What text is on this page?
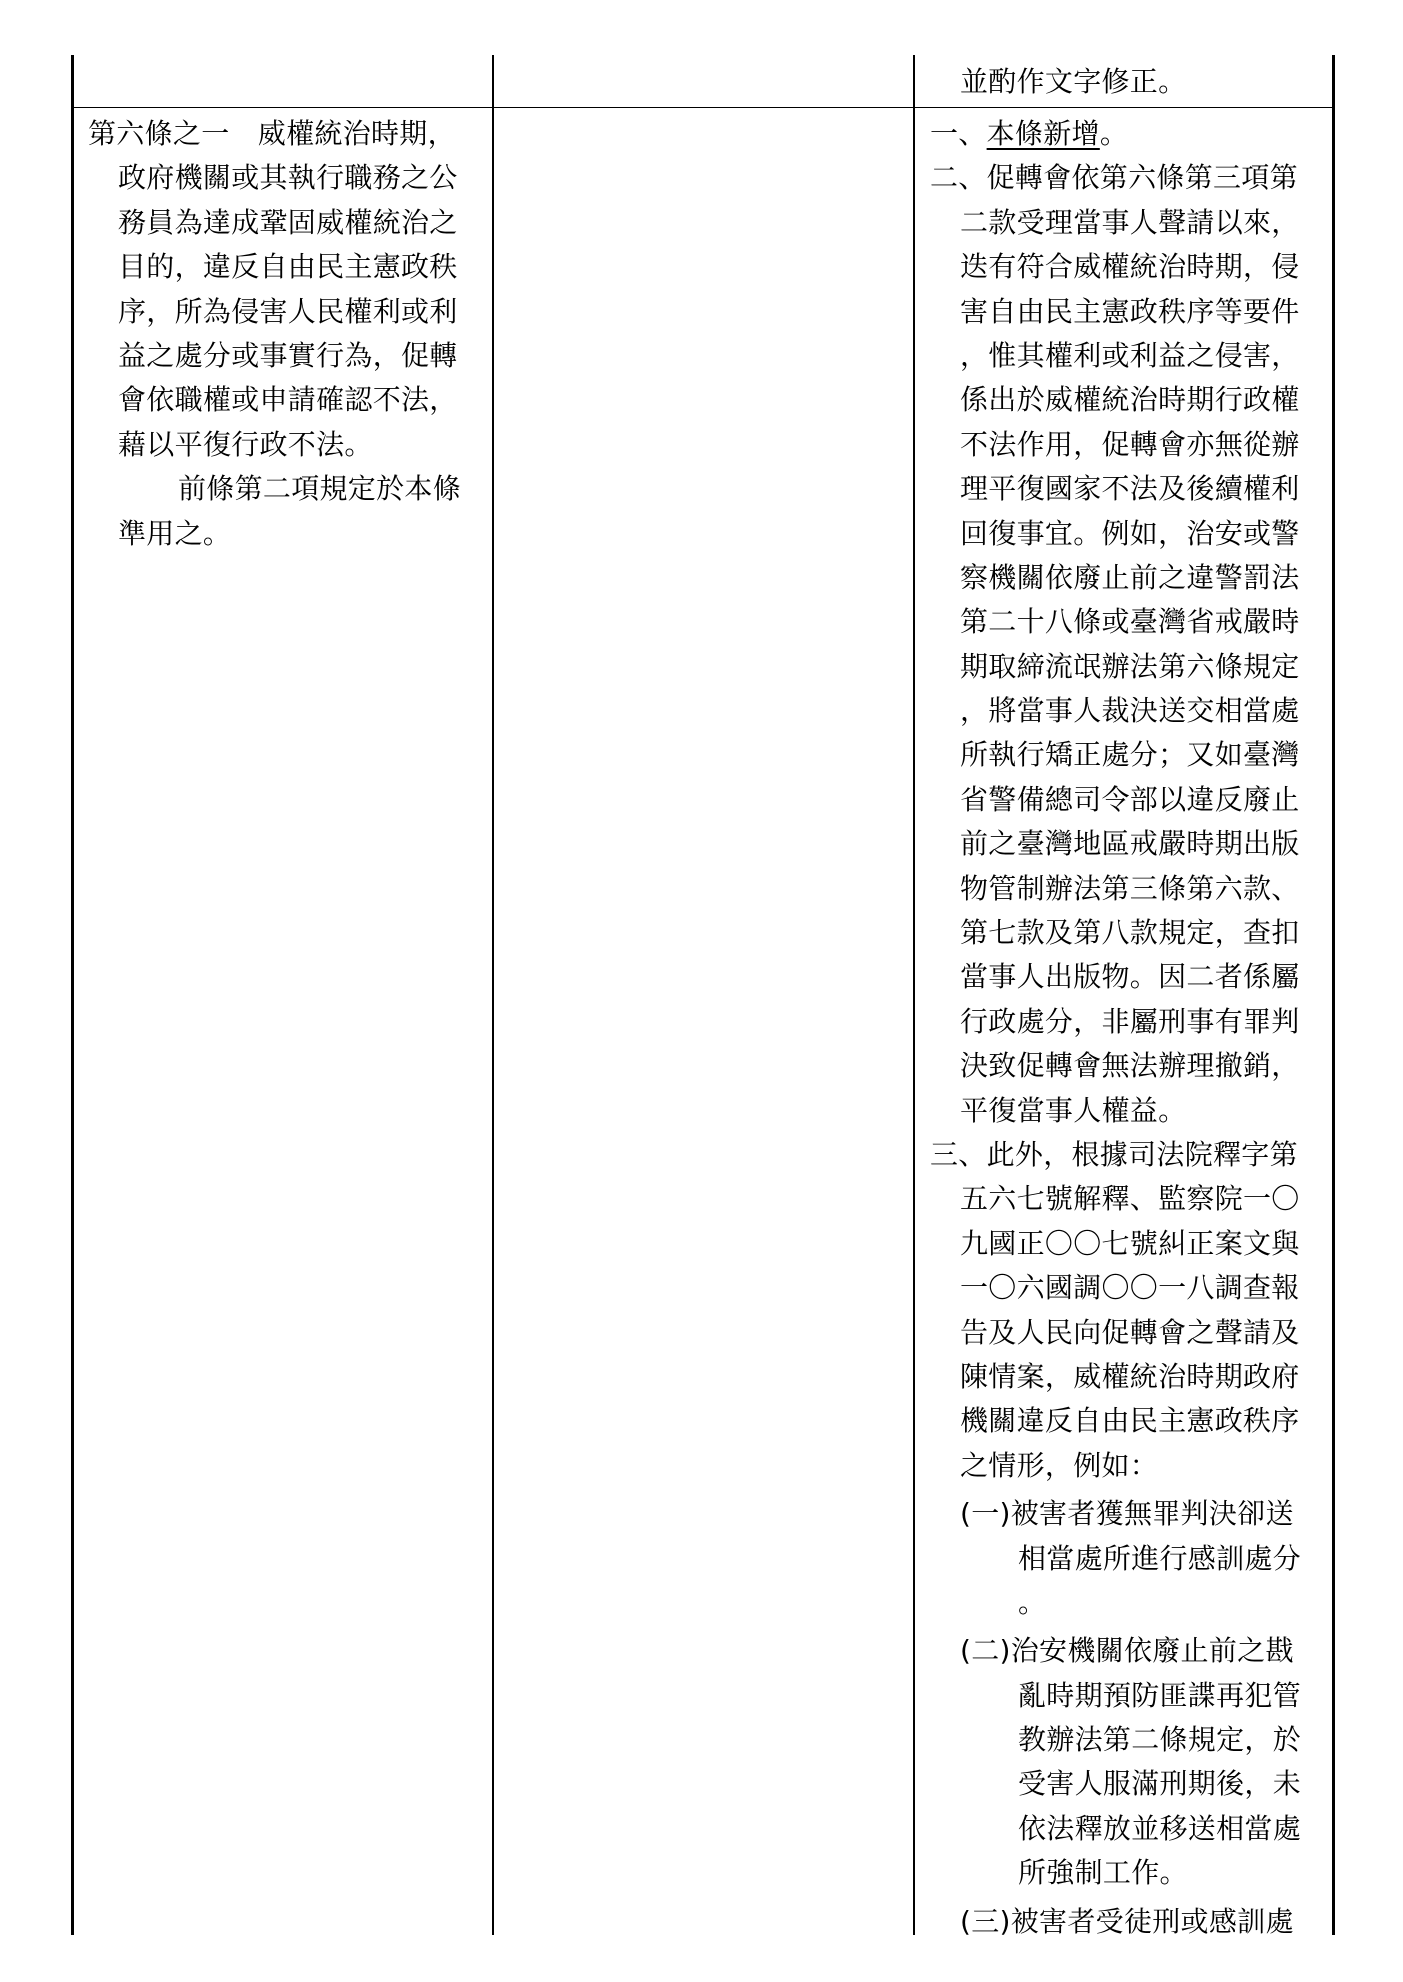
並酌作文字修正。
第六條之一　威權統治時期，
政府機關或其執行職務之公
務員為達成鞏固威權統治之
目的，違反自由民主憲政秩
序，所為侵害人民權利或利
益之處分或事實行為，促轉
會依職權或申請確認不法，
藉以平復行政不法。
前條第二項規定於本條
準用之。
一、本條新增。
二、促轉會依第六條第三項第
二款受理當事人聲請以來，
迭有符合威權統治時期，侵
害自由民主憲政秩序等要件
，惟其權利或利益之侵害，
係出於威權統治時期行政權
不法作用，促轉會亦無從辦
理平復國家不法及後續權利
回復事宜。例如，治安或警
察機關依廢止前之違警罰法
第二十八條或臺灣省戒嚴時
期取締流氓辦法第六條規定
，將當事人裁決送交相當處
所執行矯正處分；又如臺灣
省警備總司令部以違反廢止
前之臺灣地區戒嚴時期出版
物管制辦法第三條第六款、
第七款及第八款規定，查扣
當事人出版物。因二者係屬
行政處分，非屬刑事有罪判
決致促轉會無法辦理撤銷，
平復當事人權益。
三、此外，根據司法院釋字第
五六七號解釋、監察院一〇
九國正〇〇七號糾正案文與
一〇六國調〇〇一八調查報
告及人民向促轉會之聲請及
陳情案，威權統治時期政府
機關違反自由民主憲政秩序
之情形，例如：
(一)被害者獲無罪判決卻送
相當處所進行感訓處分
。
(二)治安機關依廢止前之戡
亂時期預防匪諜再犯管
教辦法第二條規定，於
受害人服滿刑期後，未
依法釋放並移送相當處
所強制工作。
(三)被害者受徒刑或感訓處
